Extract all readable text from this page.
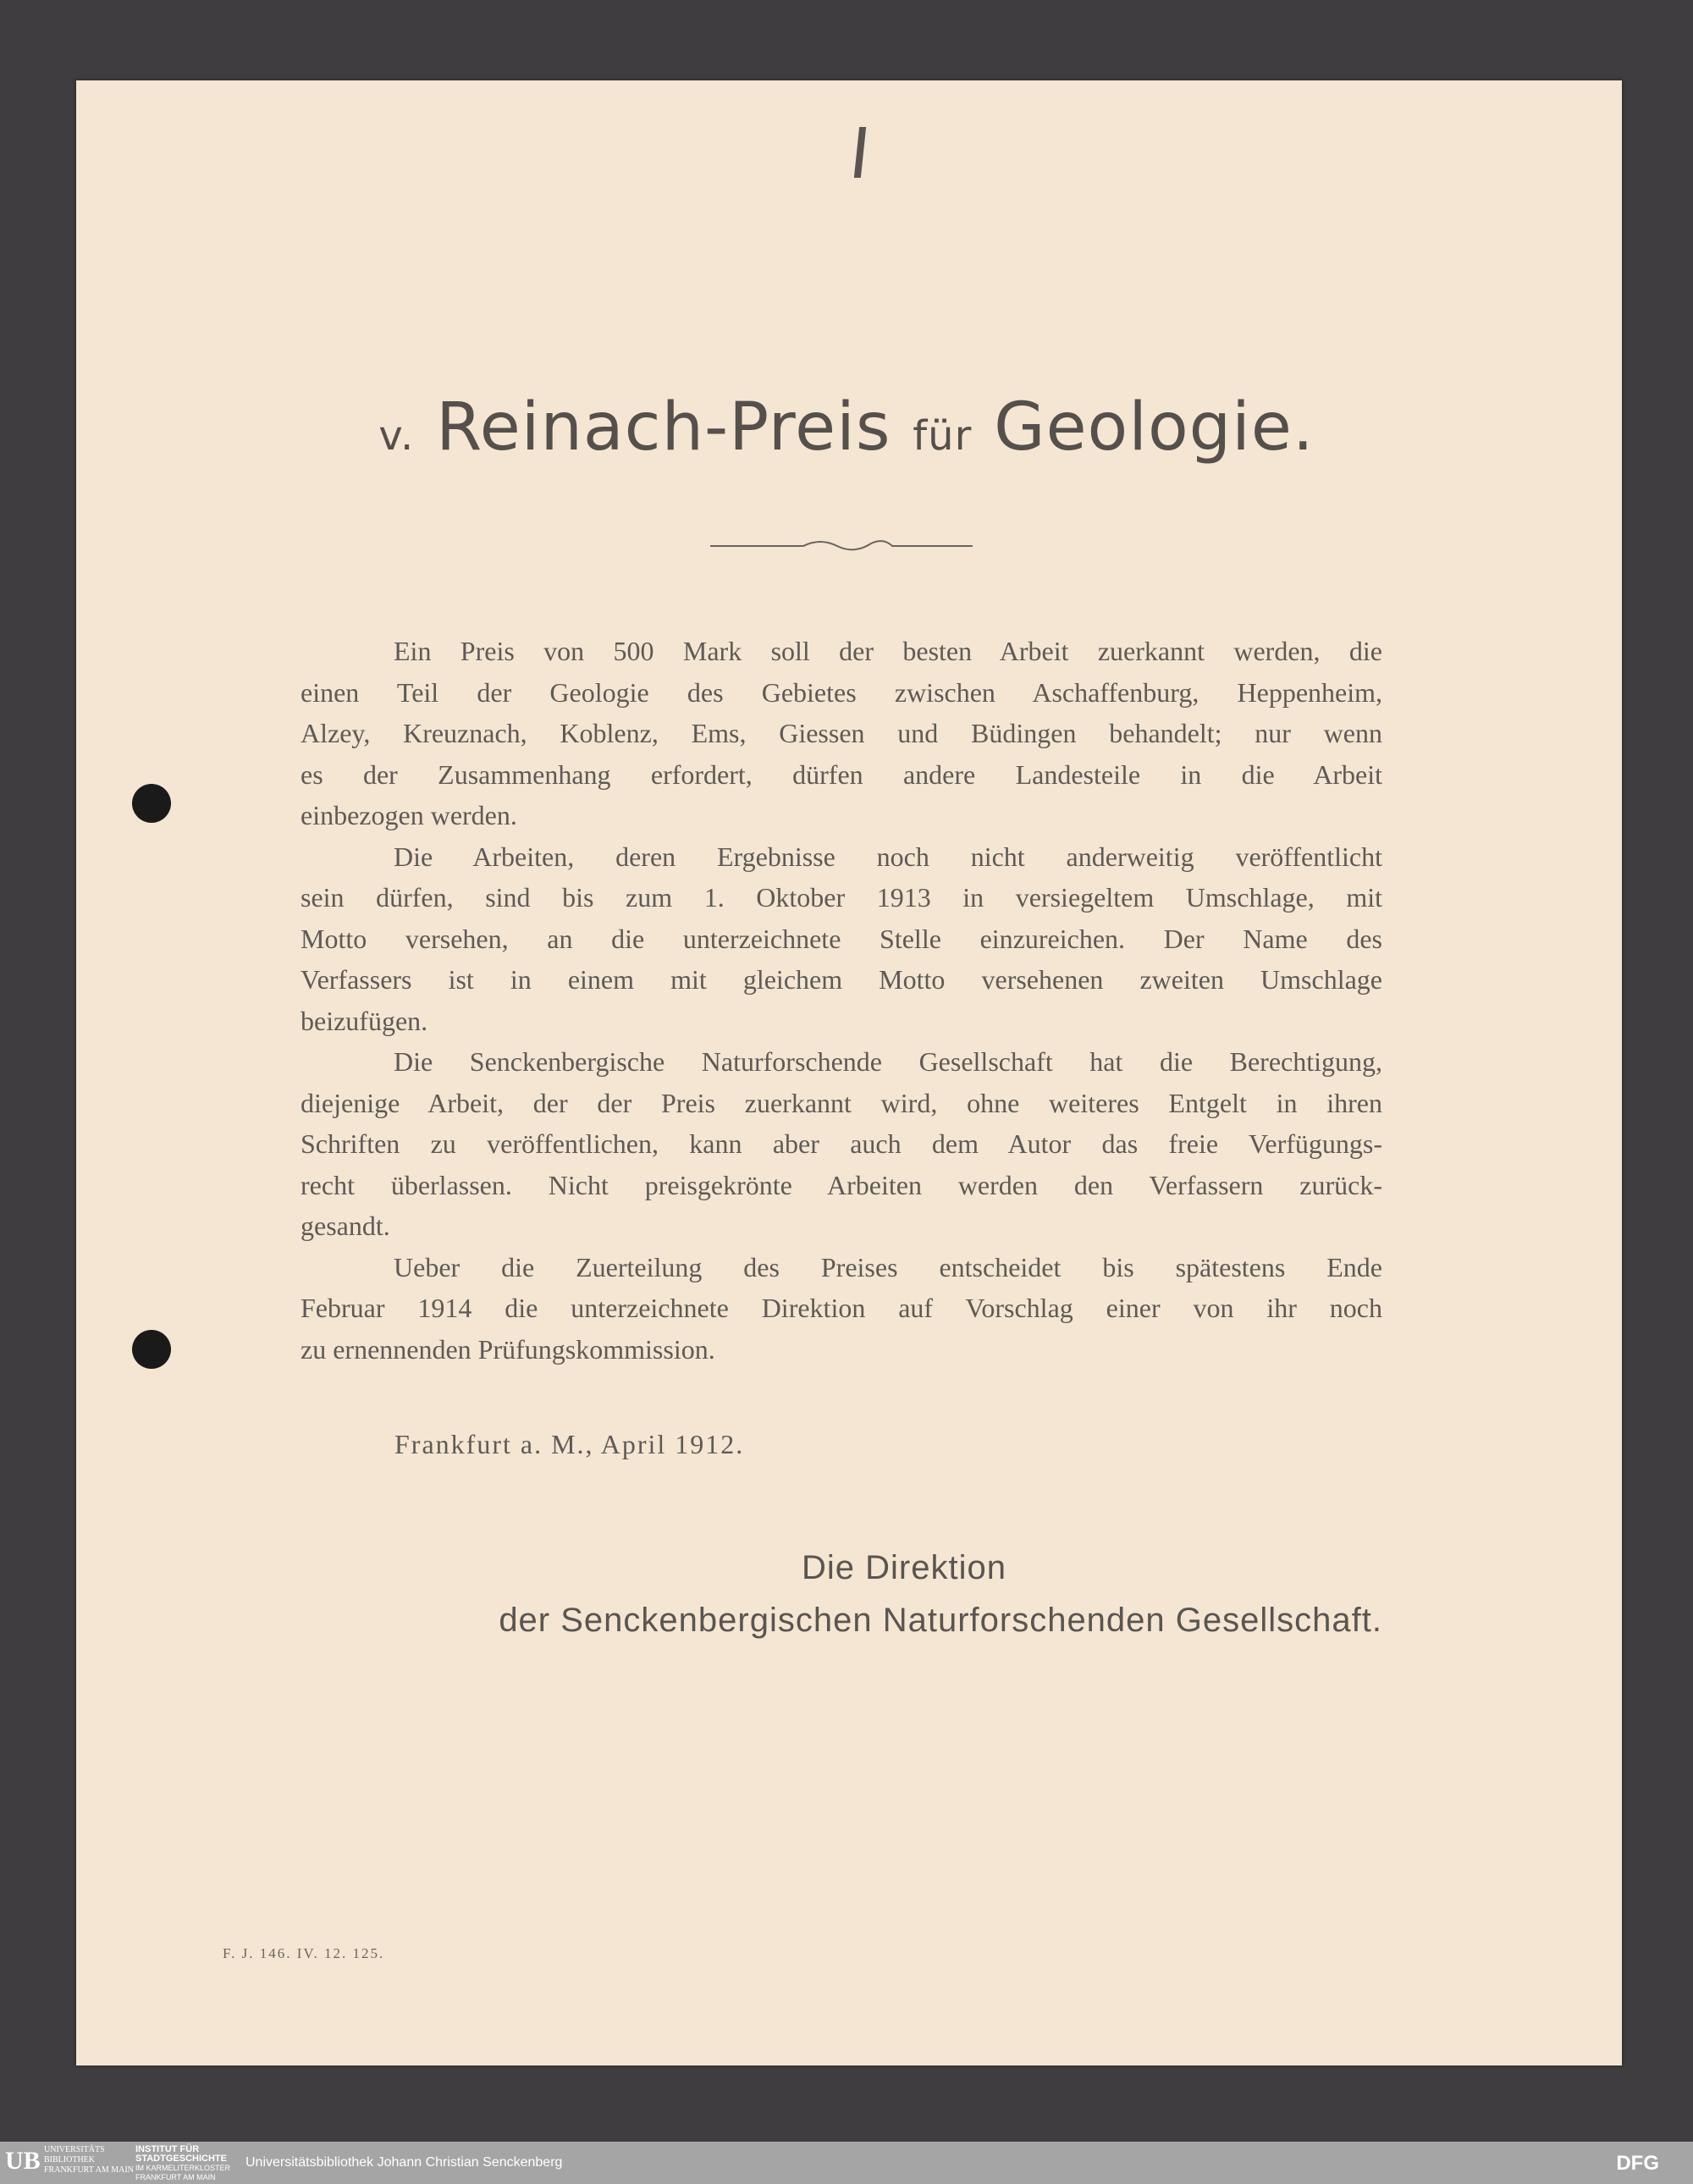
v. Reinach-Preis für Geologie.
Ein Preis von 500 Mark soll der besten Arbeit zuerkannt werden, die
einen Teil der Geologie des Gebietes zwischen Aschaffenburg, Heppenheim,
Alzey, Kreuznach, Koblenz, Ems, Giessen und Büdingen behandelt; nur wenn
es der Zusammenhang erfordert, dürfen andere Landesteile in die Arbeit
einbezogen werden.
Die Arbeiten, deren Ergebnisse noch nicht anderweitig veröffentlicht
sein dürfen, sind bis zum 1. Oktober 1913 in versiegeltem Umschlage, mit
Motto versehen, an die unterzeichnete Stelle einzureichen. Der Name des
Verfassers ist in einem mit gleichem Motto versehenen zweiten Umschlage
beizufügen.
Die Senckenbergische Naturforschende Gesellschaft hat die Berechtigung,
diejenige Arbeit, der der Preis zuerkannt wird, ohne weiteres Entgelt in ihren
Schriften zu veröffentlichen, kann aber auch dem Autor das freie Verfügungs-
recht überlassen. Nicht preisgekrönte Arbeiten werden den Verfassern zurück-
gesandt.
Ueber die Zuerteilung des Preises entscheidet bis spätestens Ende
Februar 1914 die unterzeichnete Direktion auf Vorschlag einer von ihr noch
zu ernennenden Prüfungskommission.
Frankfurt a. M., April 1912.
Die Direktion
der Senckenbergischen Naturforschenden Gesellschaft.
F. J. 146. IV. 12. 125.
UB UNIVERSITÄTS
BIBLIOTHEK
FRANKFURT AM MAIN
INSTITUT FÜR
STADTGESCHICHTE
IM KARMELITERKLOSTER
FRANKFURT AM MAIN
Universitätsbibliothek Johann Christian Senckenberg	DFG
